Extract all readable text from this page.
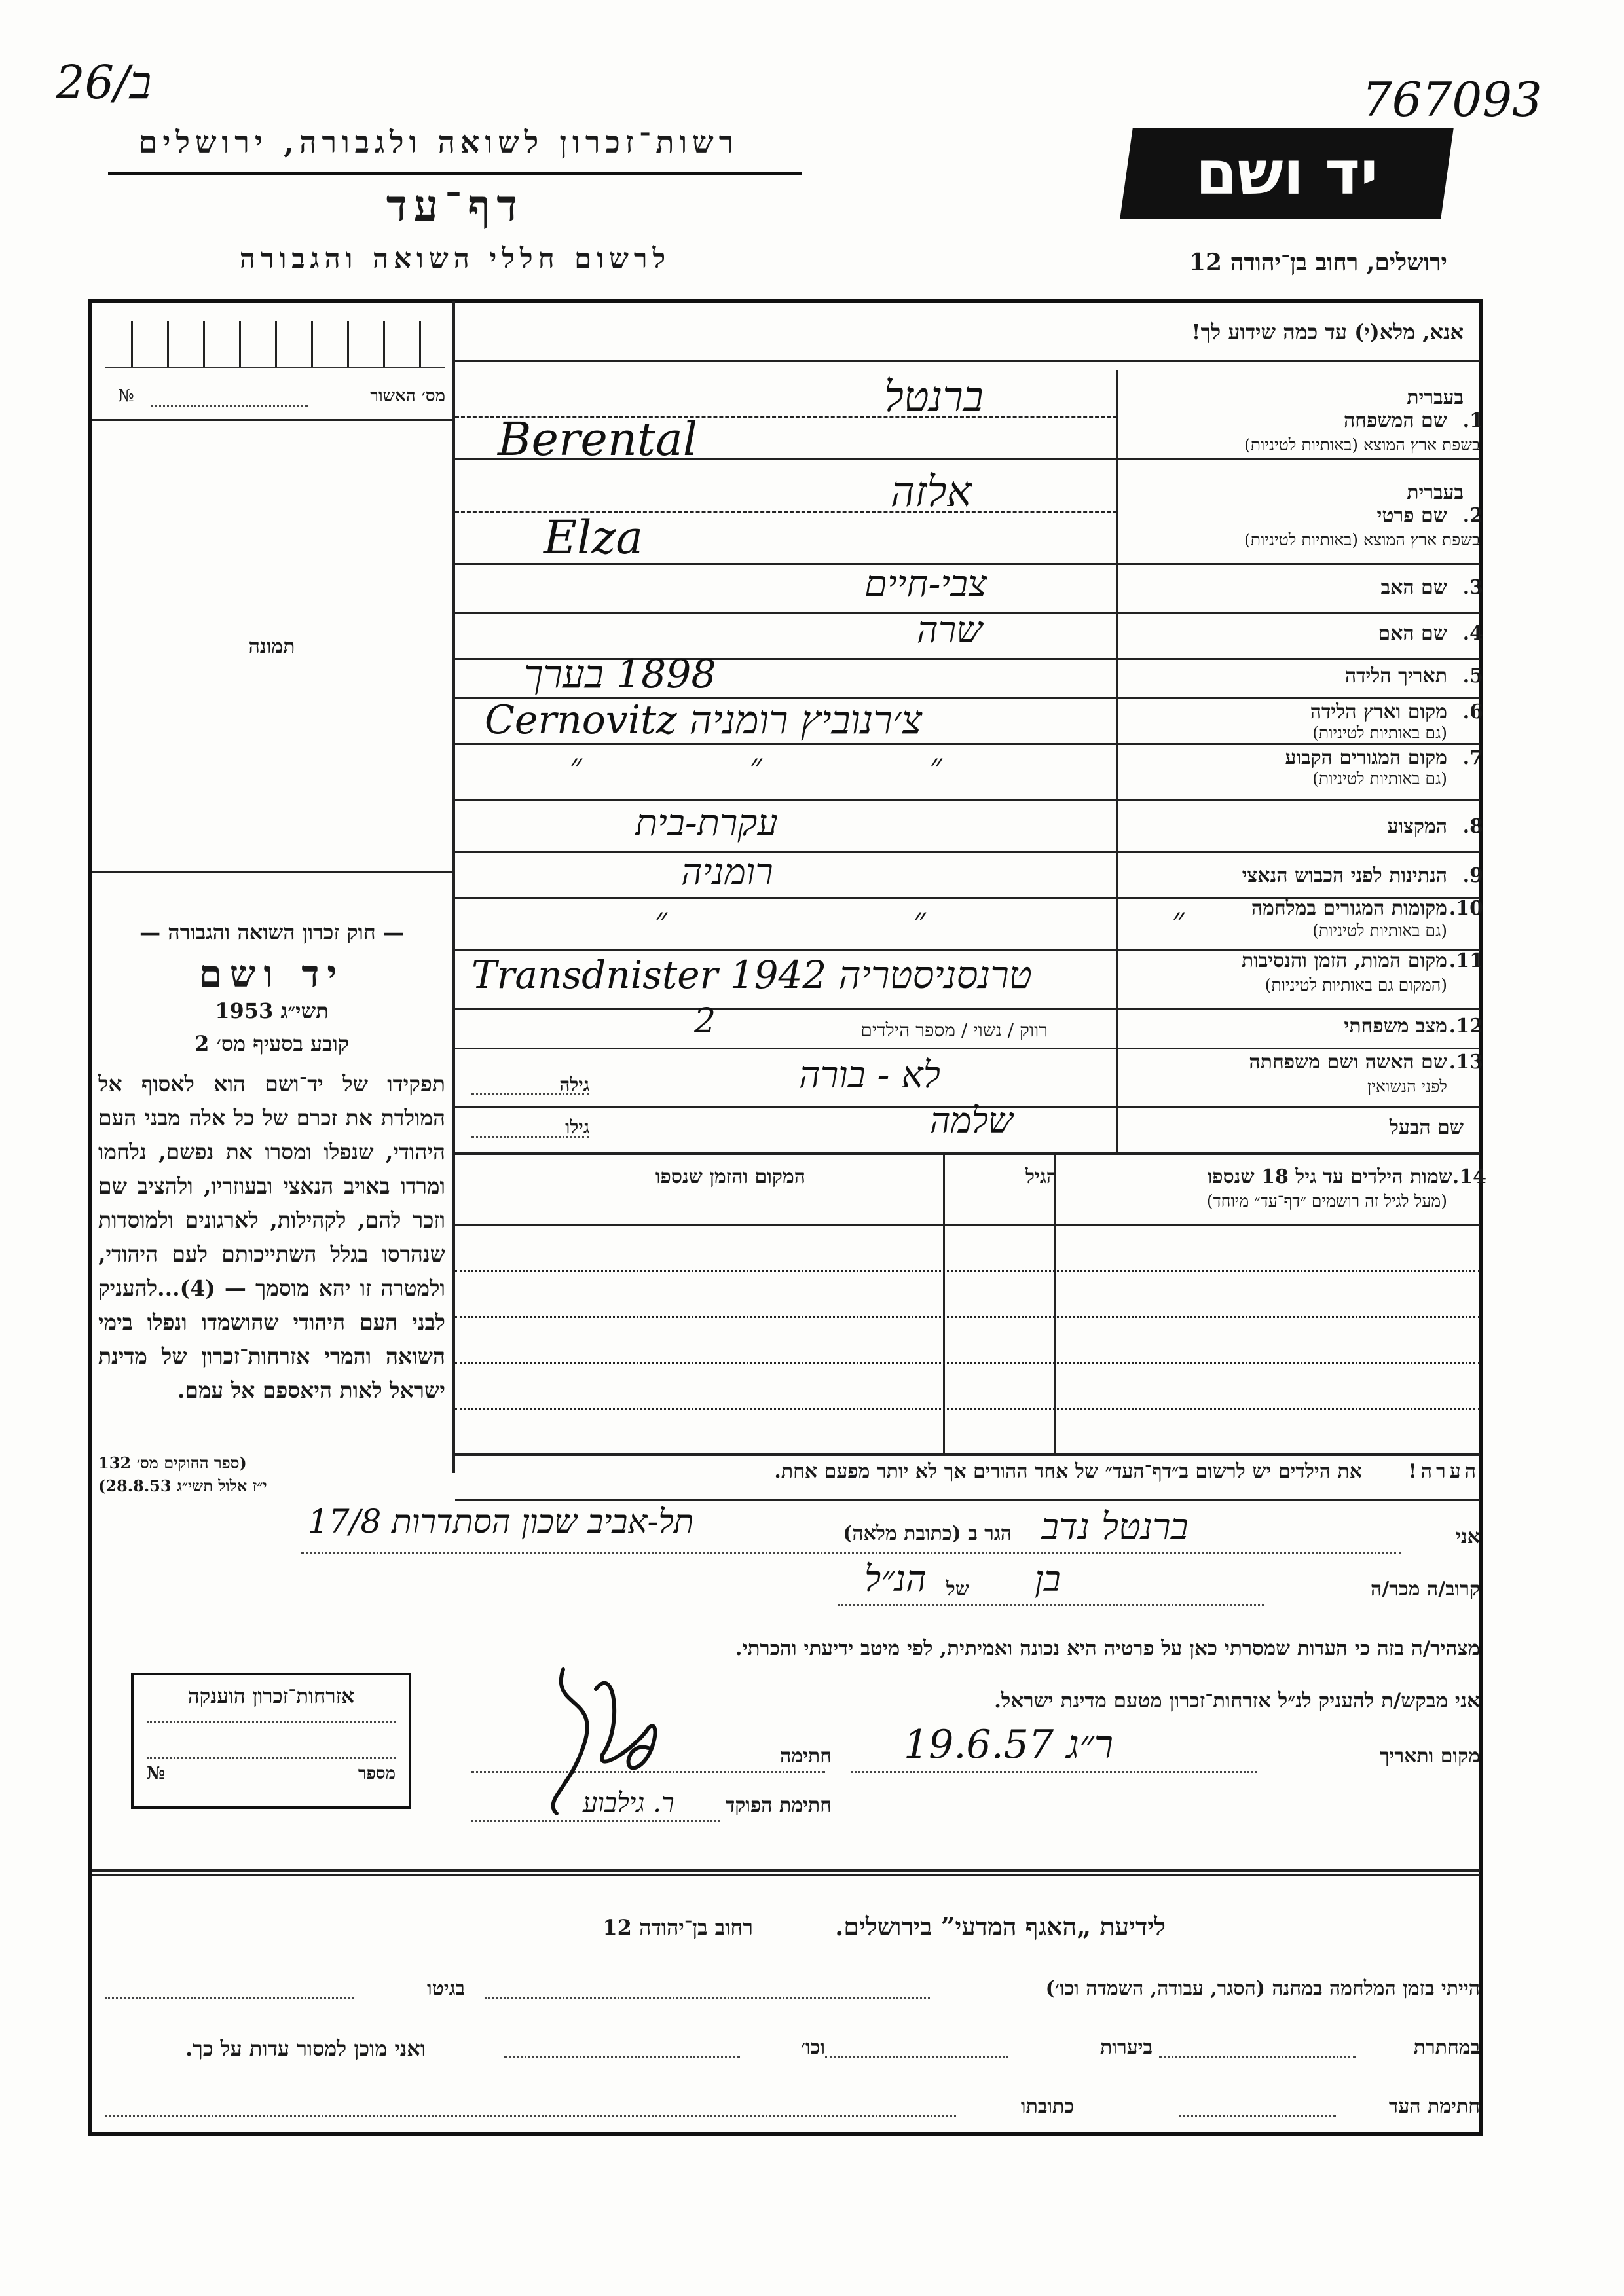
26/ב	767093
רשות־זכרון לשואה ולגבורה, ירושלים
דף־עד
לרשום חללי השואה והגבורה
יד ושם
ירושלים, רחוב בן־יהודה 12
אנא, מלא(י) עד כמה שידוע לך!
מס׳ האשור
№
תמונה
— חוק זכרון השואה והגבורה —
יד ושם
1953 תשי״ג
קובע בסעיף מס׳ 2
תפקידו של יד־ושם הוא לאסוף אל המולדת את זכרם של כל אלה מבני העם היהודי, שנפלו ומסרו את נפשם, נלחמו ומרדו באויב הנאצי ובעוזריו, ולהציב שם וזכר להם, לקהילות, לארגונים ולמוסדות שנהרסו בגלל השתייכותם לעם היהודי, ולמטרה זו יהא מוסמך — (4)...להעניק לבני העם היהודי שהושמדו ונפלו בימי השואה והמרי אזרחות־זכרון של מדינת ישראל לאות היאספם אל עמם.
(ספר החוקים מס׳ 132
י״ז אלול תשי״ג 28.8.53)
בעברית
1.
שם המשפחה
בשפת ארץ המוצא (באותיות לטיניות)
ברנטל
Berental
בעברית
2.
שם פרטי
בשפת ארץ המוצא (באותיות לטיניות)
אלזה
Elza
3.
שם האב
צבי-חיים
4.
שם האם
שרה
5.
תאריך הלידה
1898 בערך
6.
מקום וארץ הלידה
(גם באותיות לטיניות)
Cernovitz צ׳רנוביץ רומניה
7.
מקום המגורים הקבוע
(גם באותיות לטיניות)
״ ״ ״
8.
המקצוע
עקרת-בית
9.
הנתינות לפני הכבוש הנאצי
רומניה
10.
מקומות המגורים במלחמה
(גם באותיות לטיניות)
״ ״ ״
11.
מקום המות, הזמן והנסיבות
(המקום גם באותיות לטיניות)
Transdnister 1942 טרנסניסטריה
12.
מצב משפחתי
רווק / נשוי / מספר הילדים
2
13.
שם האשה ושם משפחתה
לפני הנשואין
גילה	לא - בורה
שם הבעל
גילו	שלמה
14.
שמות הילדים עד גיל 18 שנספו
(מעל לגיל זה רושמים ״דף־עד״ מיוחד)
הגיל
המקום והזמן שנספו
הערה!
את הילדים יש לרשום ב״דף־העד״ של אחד ההורים אך לא יותר מפעם אחת.
אני
ברנטל נדב
הגר ב (כתובת מלאה)
תל-אביב שכון הסתדרות 17/8
קרוב/ה מכר/ה
בן
של
הנ״ל
מצהיר/ה בזה כי העדות שמסרתי כאן על פרטיה היא נכונה ואמיתית, לפי מיטב ידיעתי והכרתי.
אני מבקש/ת להעניק לנ״ל אזרחות־זכרון מטעם מדינת ישראל.
מקום ותאריך
ר״ג 19.6.57
חתימה
חתימת הפוקד
ר. גילבוע
אזרחות־זכרון הוענקה
№	מספר
לידיעת „האגף המדעי” בירושלים.
רחוב בן־יהודה 12
הייתי בזמן המלחמה במחנה (הסגר, עבודה, השמדה וכו׳)
בגיטו
במחתרת
ביערות
וכו׳
ואני מוכן למסור עדות על כך.
חתימת העד
כתובתו
